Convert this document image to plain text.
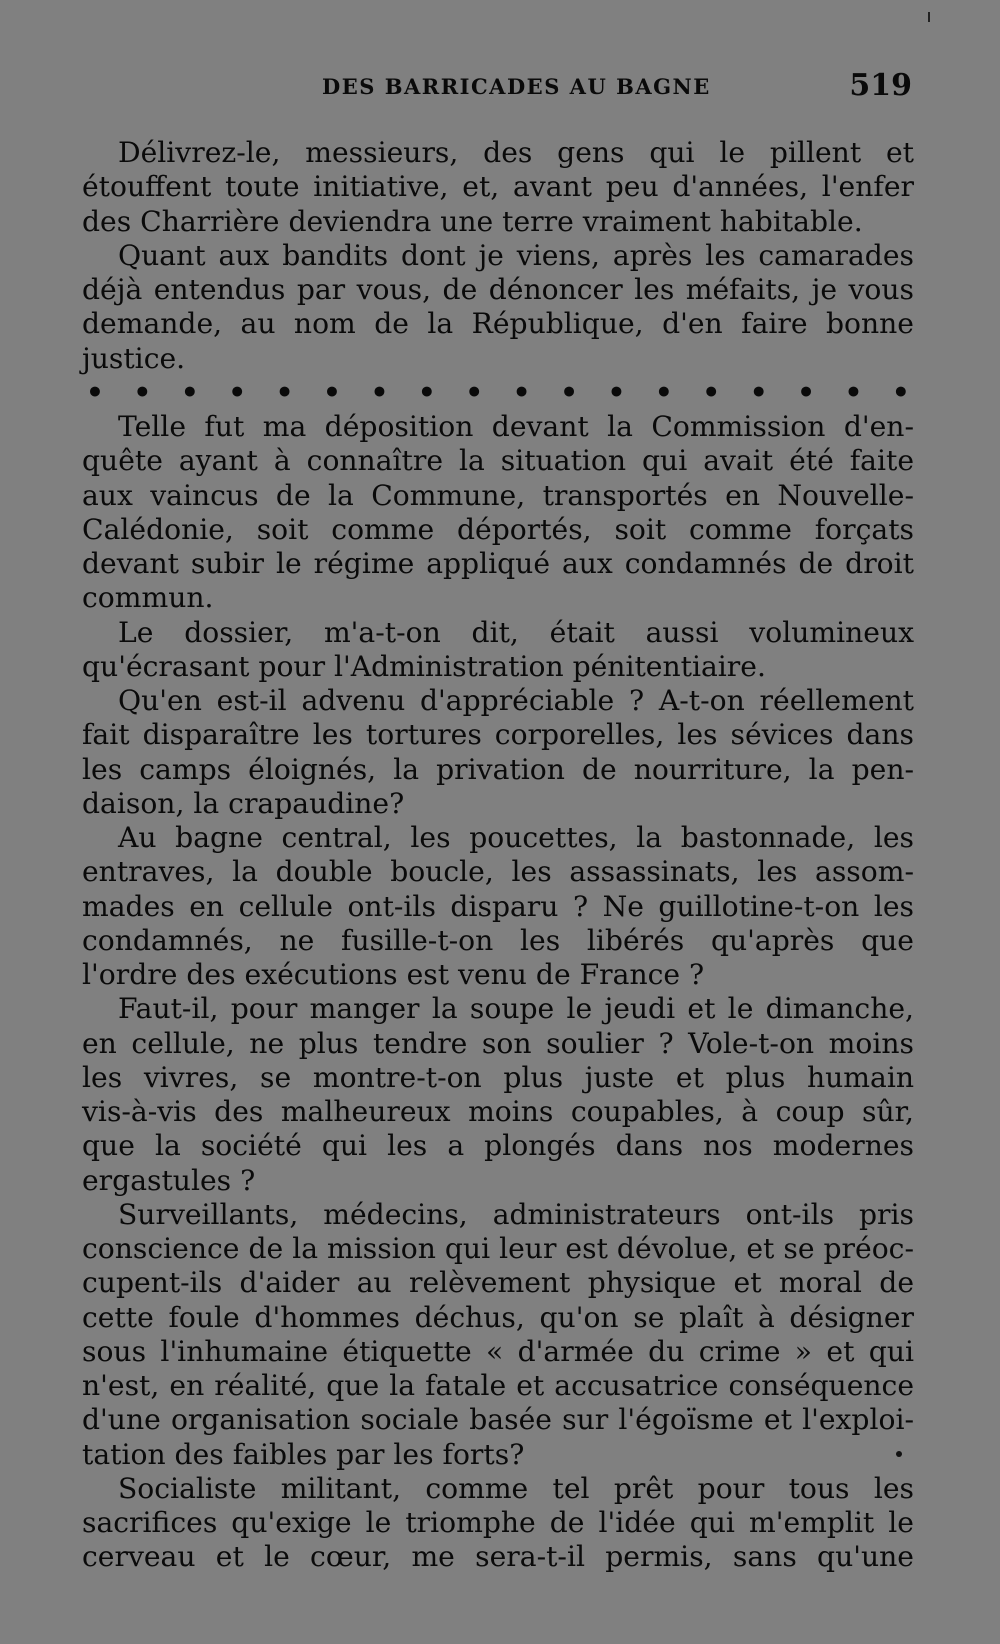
DES BARRICADES AU BAGNE	519
Délivrez-le, messieurs, des gens qui le pillent et
étouffent toute initiative, et, avant peu d'années, l'enfer
des Charrière deviendra une terre vraiment habitable.
Quant aux bandits dont je viens, après les camarades
déjà entendus par vous, de dénoncer les méfaits, je vous
demande, au nom de la République, d'en faire bonne
justice.
• • • • • • • • • • • • • • • • • •
Telle fut ma déposition devant la Commission d'en-
quête ayant à connaître la situation qui avait été faite
aux vaincus de la Commune, transportés en Nouvelle-
Calédonie, soit comme déportés, soit comme forçats
devant subir le régime appliqué aux condamnés de droit
commun.
Le dossier, m'a-t-on dit, était aussi volumineux
qu'écrasant pour l'Administration pénitentiaire.
Qu'en est-il advenu d'appréciable ? A-t-on réellement
fait disparaître les tortures corporelles, les sévices dans
les camps éloignés, la privation de nourriture, la pen-
daison, la crapaudine?
Au bagne central, les poucettes, la bastonnade, les
entraves, la double boucle, les assassinats, les assom-
mades en cellule ont-ils disparu ? Ne guillotine-t-on les
condamnés, ne fusille-t-on les libérés qu'après que
l'ordre des exécutions est venu de France ?
Faut-il, pour manger la soupe le jeudi et le dimanche,
en cellule, ne plus tendre son soulier ? Vole-t-on moins
les vivres, se montre-t-on plus juste et plus humain
vis-à-vis des malheureux moins coupables, à coup sûr,
que la société qui les a plongés dans nos modernes
ergastules ?
Surveillants, médecins, administrateurs ont-ils pris
conscience de la mission qui leur est dévolue, et se préoc-
cupent-ils d'aider au relèvement physique et moral de
cette foule d'hommes déchus, qu'on se plaît à désigner
sous l'inhumaine étiquette « d'armée du crime » et qui
n'est, en réalité, que la fatale et accusatrice conséquence
d'une organisation sociale basée sur l'égoïsme et l'exploi-
tation des faibles par les forts?
Socialiste militant, comme tel prêt pour tous les
sacrifices qu'exige le triomphe de l'idée qui m'emplit le
cerveau et le cœur, me sera-t-il permis, sans qu'une
